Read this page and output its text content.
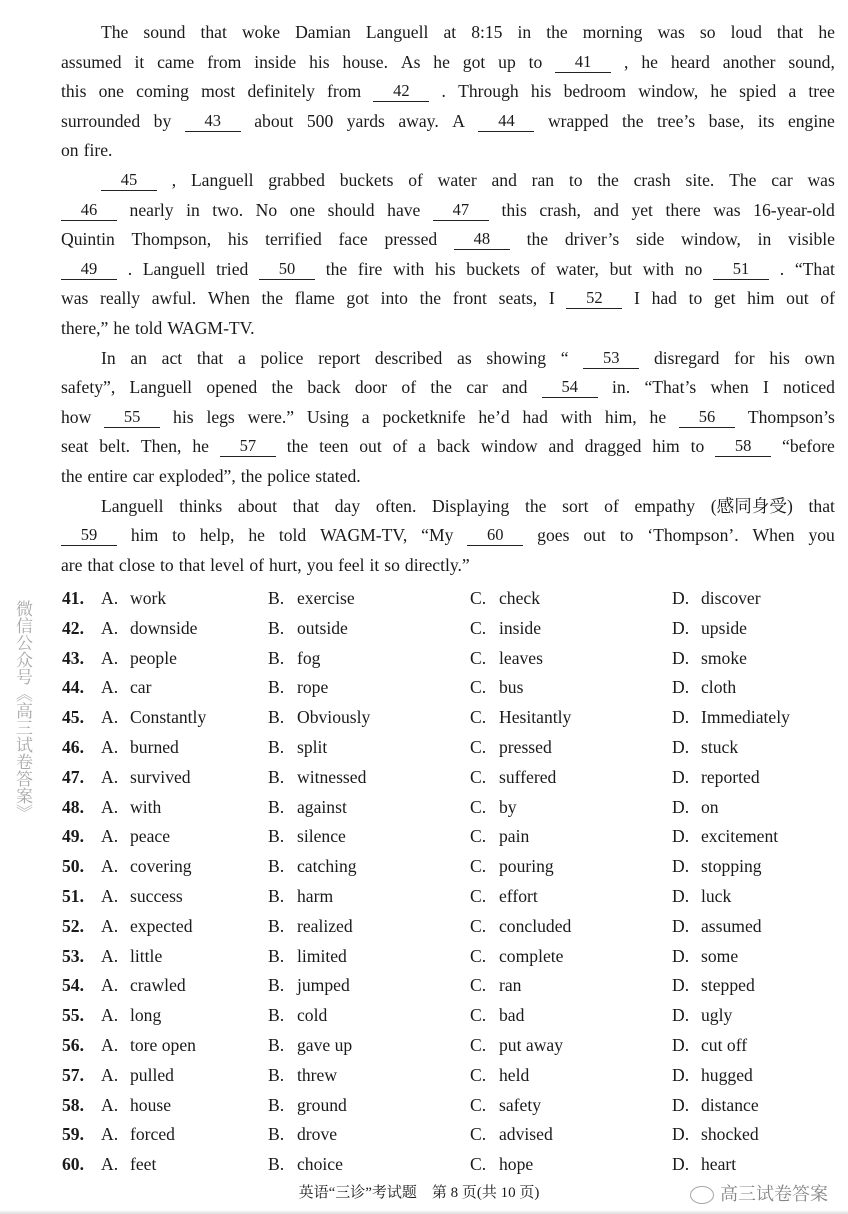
The sound that woke Damian Languell at 8:15 in the morning was so loud that he
assumed it came from inside his house. As he got up to	41	, he heard another sound,
this one coming most definitely from	42	. Through his bedroom window, he spied a tree
surrounded by	43	about 500 yards away. A	44	wrapped the tree’s base, its engine
on fire.
45	, Languell grabbed buckets of water and ran to the crash site. The car was
46	nearly in two. No one should have	47	this crash, and yet there was 16-year-old
Quintin Thompson, his terrified face pressed	48	the driver’s side window, in visible
49	. Languell tried	50	the fire with his buckets of water, but with no	51	. “That
was really awful. When the flame got into the front seats, I	52	I had to get him out of
there,” he told WAGM-TV.
In an act that a police report described as showing “	53	disregard for his own
safety”, Languell opened the back door of the car and	54	in. “That’s when I noticed
how	55	his legs were.” Using a pocketknife he’d had with him, he	56	Thompson’s
seat belt. Then, he	57	the teen out of a back window and dragged him to	58	“before
the entire car exploded”, the police stated.
Languell thinks about that day often. Displaying the sort of empathy (感同身受) that
59	him to help, he told WAGM-TV, “My	60	goes out to ‘Thompson’. When you
are that close to that level of hurt, you feel it so directly.”
41. A. work	B. exercise	C. check	D. discover
42. A. downside	B. outside	C. inside	D. upside
43. A. people	B. fog	C. leaves	D. smoke
44. A. car	B. rope	C. bus	D. cloth
45. A. Constantly	B. Obviously	C. Hesitantly	D. Immediately
46. A. burned	B. split	C. pressed	D. stuck
47. A. survived	B. witnessed	C. suffered	D. reported
48. A. with	B. against	C. by	D. on
49. A. peace	B. silence	C. pain	D. excitement
50. A. covering	B. catching	C. pouring	D. stopping
51. A. success	B. harm	C. effort	D. luck
52. A. expected	B. realized	C. concluded	D. assumed
53. A. little	B. limited	C. complete	D. some
54. A. crawled	B. jumped	C. ran	D. stepped
55. A. long	B. cold	C. bad	D. ugly
56. A. tore open	B. gave up	C. put away	D. cut off
57. A. pulled	B. threw	C. held	D. hugged
58. A. house	B. ground	C. safety	D. distance
59. A. forced	B. drove	C. advised	D. shocked
60. A. feet	B. choice	C. hope	D. heart
英语“三诊”考试题　第 8 页(共 10 页)
微信公众号《高三试卷答案》
高三试卷答案
